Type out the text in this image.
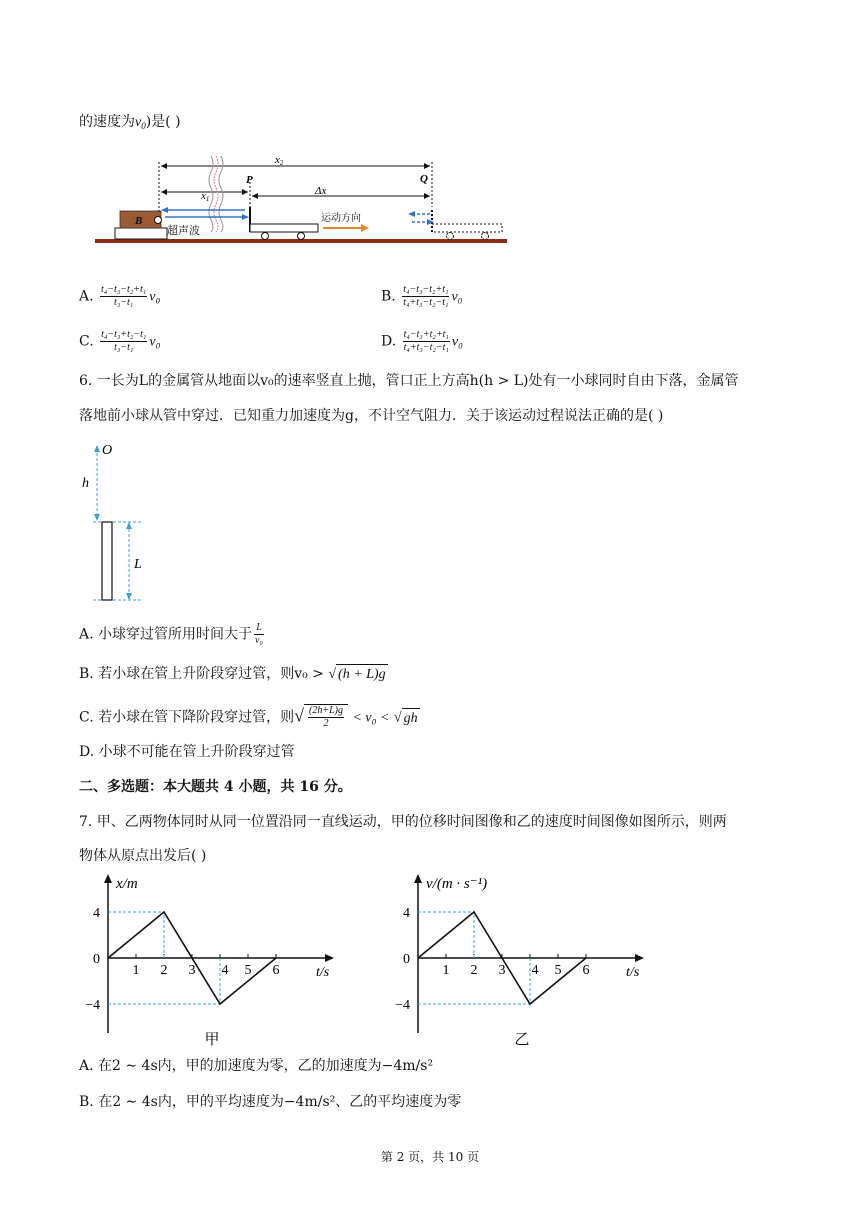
的速度为$v_0$)是( )
B
超声波
x2
x1
P
Δx
Q
运动方向
A. $\frac{\text{t₄−t₃−t₂+t₁}}{\text{t₃−t₁}} v_0$	B. $\frac{\text{t₄−t₃−t₂+t₁}}{\text{t₄+t₃−t₂−t₁}} v_0$
C. $\frac{\text{t₄−t₃+t₂−t₁}}{\text{t₃−t₁}} v_0$	D. $\frac{\text{t₄−t₃+t₂+t₁}}{\text{t₄+t₃−t₂−t₁}} v_0$
6. 一长为L的金属管从地面以v₀的速率竖直上抛，管口正上方高h(h > L)处有一小球同时自由下落，金属管
落地前小球从管中穿过．已知重力加速度为g，不计空气阻力．关于该运动过程说法正确的是( )
O
h
L
A. 小球穿过管所用时间大于 $\frac{L}{\text{v₀}}$
B. 若小球在管上升阶段穿过管，则v₀ > √ (h + L)g
C. 若小球在管下降阶段穿过管，则√ $\frac{(2h+L)g}{2} < v_0$ < √ gh
D. 小球不可能在管上升阶段穿过管
二、多选题：本大题共 4 小题，共 16 分。
7. 甲、乙两物体同时从同一位置沿同一直线运动，甲的位移时间图像和乙的速度时间图像如图所示，则两
物体从原点出发后( )
x/m
t/s
4
0
−4
1 2 3 4 5 6
甲
v/(m · s⁻¹)
t/s
4
0
−4
1 2 3 4 5 6
乙
A. 在2 ∼ 4s内，甲的加速度为零，乙的加速度为−4m/s²
B. 在2 ∼ 4s内，甲的平均速度为−4m/s²、乙的平均速度为零
第 2 页，共 10 页
